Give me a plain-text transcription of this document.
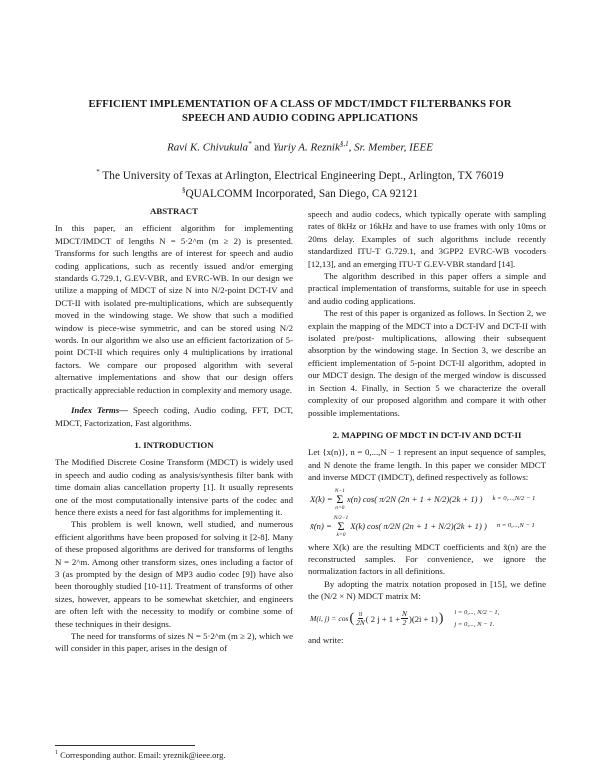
EFFICIENT IMPLEMENTATION OF A CLASS OF MDCT/IMDCT FILTERBANKS FOR
SPEECH AND AUDIO CODING APPLICATIONS
Ravi K. Chivukula* and Yuriy A. Reznik$^{\S,1}$, Sr. Member, IEEE
* The University of Texas at Arlington, Electrical Engineering Dept., Arlington, TX 76019
§QUALCOMM Incorporated, San Diego, CA 92121
ABSTRACT

In this paper, an efficient algorithm for implementing MDCT/IMDCT of lengths N = 5·2^m (m ≥ 2) is presented. Transforms for such lengths are of interest for speech and audio coding applications, such as recently issued and/or emerging standards G.729.1, G.EV-VBR, and EVRC-WB. In our design we utilize a mapping of MDCT of size N into N/2-point DCT-IV and DCT-II with isolated pre-multiplications, which are subsequently moved in the windowing stage. We show that such a modified window is piece-wise symmetric, and can be stored using N/2 words. In our algorithm we also use an efficient factorization of 5-point DCT-II which requires only 4 multiplications by irrational factors. We compare our proposed algorithm with several alternative implementations and show that our design offers practically appreciable reduction in complexity and memory usage.

Index Terms— Speech coding, Audio coding, FFT, DCT, MDCT, Factorization, Fast algorithms.

1. INTRODUCTION

The Modified Discrete Cosine Transform (MDCT) is widely used in speech and audio coding as analysis/synthesis filter bank with time domain alias cancellation property [1]. It usually represents one of the most computationally intensive parts of the codec and hence there exists a need for fast algorithms for implementing it.

This problem is well known, well studied, and numerous efficient algorithms have been proposed for solving it [2-8]. Many of these proposed algorithms are derived for transforms of lengths N = 2^m. Among other transform sizes, ones including a factor of 3 (as prompted by the design of MP3 audio codec [9]) have also been thoroughly studied [10-11]. Treatment of transforms of other sizes, however, appears to be somewhat sketchier, and engineers are often left with the necessity to modify or combine some of these techniques in their designs.

The need for transforms of sizes N = 5·2^m (m ≥ 2), which we will consider in this paper, arises in the design of

speech and audio codecs, which typically operate with sampling rates of 8kHz or 16kHz and have to use frames with only 10ms or 20ms delay. Examples of such algorithms include recently standardized ITU-T G.729.1, and 3GPP2 EVRC-WB vocoders [12,13], and an emerging ITU-T G.EV-VBR standard [14].

The algorithm described in this paper offers a simple and practical implementation of transforms, suitable for use in speech and audio coding applications.

The rest of this paper is organized as follows. In Section 2, we explain the mapping of the MDCT into a DCT-IV and DCT-II with isolated pre/post- multiplications, allowing their subsequent absorption by the windowing stage. In Section 3, we describe an efficient implementation of 5-point DCT-II algorithm, adopted in our MDCT design. The design of the merged window is discussed in Section 4. Finally, in Section 5 we characterize the overall complexity of our proposed algorithm and compare it with other possible implementations.

2. MAPPING OF MDCT IN DCT-IV AND DCT-II

Let {x(n)}, n = 0,...,N − 1 represent an input sequence of samples, and N denote the frame length. In this paper we consider MDCT and inverse MDCT (IMDCT), defined respectively as follows:

X(k) =
N−1
Σ
n=0
x(n) cos( π/2N (2n + 1 + N/2)(2k + 1) ) k = 0,...,N/2 − 1
x̃(n) =
N/2−1
Σ
k=0
X(k) cos( π/2N (2n + 1 + N/2)(2k + 1) ) n = 0,...,N − 1

where X(k) are the resulting MDCT coefficients and x̃(n) are the reconstructed samples. For convenience, we ignore the normalization factors in all definitions.

By adopting the matrix notation proposed in [15], we define the (N/2 × N) MDCT matrix M:

M(i, j) = cos ( $\frac{\pi}{2N}$ ( 2 $j + 1 + \frac{N}{2} )(2i + 1)$ ) i = 0,..., N/2 − 1,
j = 0,..., N − 1.

and write:

$^1$ Corresponding author. Email: yreznik@ieee.org.
